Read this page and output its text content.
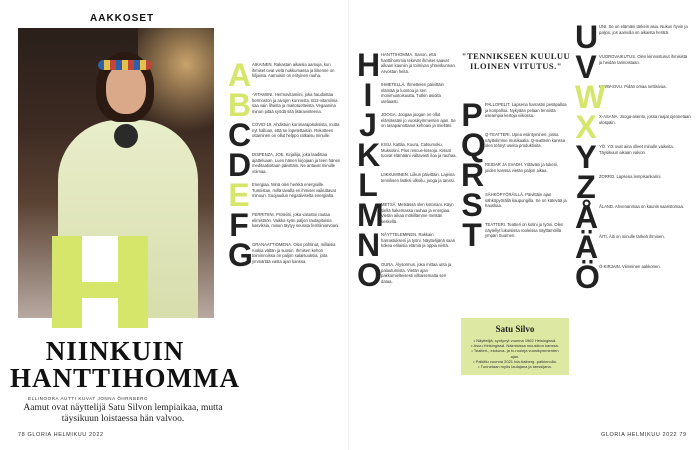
AAKKOSET
NIINKUIN
HANTTIHOMMA
ELLINOORA AUTTI KUVAT JONNA ÖHRNBERG
Aamut ovat näyttelijä Satu Silvon lempiaikaa, mutta täysikuun loistaessa hän valvoo.
78 GLORIA HELMIKUU 2022
A AIKAINEN. Rakastan aikaisia aamuja, kun ihmiset ovat vielä nukkumassa ja liikenne on hiljaista. Aamuisin on erityinen rauha.
B -VITAMIINI. Hermovitamiini, joka haudoittaa hermoston ja aivojen kunnosta. B12-vitamiinia saa vain lihasta ja maitotuotteista. Vegaanina minun pitää syödä sitä lisäravinteena.
C COVID-19. Ahdistuin koronarajoituksista, mutta nyt halluan, että ne lopetettaisiin. Rokotteen ottaminen on ollut helppo ratkaisu minulle.
D DISPENZA, JOE. Kirjailija, joka laadittaa ajatteluaan. Luen hänen kirjojaan ja teen hänen meditaatioitaan päivittäin. Ne antavat minulle voimaa.
E Energiaa. Minä olen herkkä energioille. Tunnistan, millä tavalla eri ihmiset vaikuttavat minuun. Suojaudun negatiiviselta energialta.
F FERRITIINI. Proteiini, joka varastoi rautaa elimistöön. Vaikka syön paljon rautapitoisia kasviksia, minun täytyy seurata ferritiiniarvoani.
G GRANAATTIOMENA. Olen pohtinut, millaisia ruokia vältän ja suosin. Ihmisen kehon toiminnoissa on paljon salaisuuksia, joita ymmärtää vasta ajan kanssa.
H HANTTIHOMMA. Sanon, että hanttihommia tekevät ihmiset saavat aikaan kauniin ja toimivan yhteiskunnan. Arvostan heitä.
I	IHMETELLÄ. Ihmettelen päivittäin elämää ja luontoa ja sen monimuotoisuutta. Tutkin asioita uteliaasti.
J JOOGA. Joogaa joogan on ollut elämässäni jo vuosikymmenten ajan. Se on tasapainottanut kehoani ja mieltäni.
K KISU. Kattila, Kuura, Catsumoku, Muksotini. Plus rescue-kissoja. Kissat tuovat elämääni valtavasti iloa ja rauhaa.
L LIIKKUMINEN. Liikun päivittäin. Lajeina tenniksen lisäksi ulkoilu, jooga ja tanssi.
M
METSÄ. Metsässä olen kotonani. Käyn siellä hakemassa rauhaa ja energiaa. Vietän aikaa mökillämme metsän keskellä.
N NÄYTTELEMINEN. Rakkain harrastukseni ja työni. Näyttelijänä saan kokea erilaisia elämiä ja oppia niistä.
O OURA. Älysormus, joka mittaa unta ja palautumista. Vietän ajan pakkomielteisesti vilkaisematta sen dataa.
"TENNIKSEEN KUULUU ILOINEN VITUTUS."
P PALLOPELIT. Lapsena harrastin pesäpalloa ja koripalloa. Nykyään pelaan tennistä useampia kertoja viikossa.
Q Q-TEATTERI. Upea esiintyminen, jossa näyttelimme musikaalia. Q-teatterin kanssa olen tehnyt useita produktioita.
R REIDAR JA SVADH. Ystäväni ja tukeni, joiden kanssa vietän paljon aikaa.
S SÄHKÖPYÖRÄILLÄ. Päivittäin ajan sähköpyörällä kaupungilla. Se on kätevää ja hauskaa.
T TEATTERI. Teatteri on kotini ja työni. Olen näytellyt lukuisissa rooleissa näyttämöillä ympäri Suomen.
Satu Silvo
• Näyttelijä, syntynyt vuonna 1962 Helsingissä.
• Asuu Helsingissä. Naimisissa muusikon kanssa.
• Teatteri-, elokuva- ja tv-rooleja vuosikymmenten ajan.
• Palkittu vuonna 2021 Ida Aalberg -palkinnolla.
• Tunnetaan myös laulajana ja tanssijana.
U UNI. Se on elämäni tärkein asia. Nukun hyvin ja paljon, jos aamulla on aikaista herätä.
V VUOROVAIKUTUS. Olen kiinnostunut ihmisistä ja heidän tarinoistaan.
W
WWW-SIVU. Pidän omaa nettisivua.
X X-ASANA. Jooga-asento, jossa raajat ojennetaan ulospäin.
Y YÖ. Yöt ovat aina olleet minulle vaikeita. Täysikuun aikaan valvon.
Z ZORRO. Lapsena lempisankarini.
Å ÅLAND. Ahvenanmaa on kaunis saaristomaa.
Ä ÄITI. Äiti on minulle tärkeä ihminen.
Ö Ö-KIRJAIN. Viimeinen aakkonen.
GLORIA HELMIKUU 2022 79
